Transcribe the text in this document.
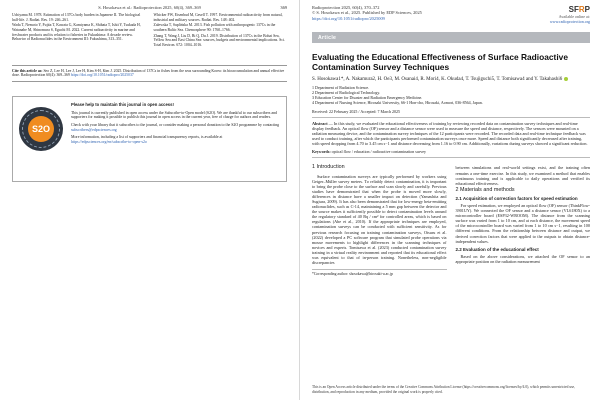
S. Hosokawa et al.: Radioprotection 2025, 60(4), 369–369	369

Uchiyama M. 1978. Estimation of 137Cs body burden in Japanese II. The biological half-life. J. Radiat. Res. 19: 246–261.

Wada T, Nemoto Y, Fujita T, Kawata G, Kamiyama K, Shibata T, Ishii Y, Tsukada H, Watanabe M, Shinomura S, Eguchi M. 2022. Current radioactivity in marine and freshwater products and its relation to fisheries in Fukushima: A decade review. Behavior of Radionuclides in the Environment III: Fukushima, 313–351.

Whicker FW, Eisenbud M, Gesell T. 1997. Environmental radioactivity from natural, industrial and military sources. Radiat. Res. 148: 402.

Zalewska T, Suplińska M. 2013. Fish pollution with anthropogenic 137Cs in the southern Baltic Sea. Chemosphere 90: 1760–1766.

Zhang T, Wang J, Liu D, Bi Q, Du J. 2019. Distribution of 137Cs in the Bohai Sea, Yellow Sea and East China Sea: sources, budgets and environmental implications. Sci. Total Environ. 672: 1004–1016.

Cite this article as: Seo Z, Lee H, Lee J, Lee H, Kim S-H, Kim J. 2025. Distribution of 137Cs in fishes from the seas surrounding Korea: its bioaccumulation and annual effective dose. Radioprotection 60(4): 369–369 https://doi.org/10.1051/radiopro/2025037
S2O

Please help to maintain this journal in open access!

This journal is currently published in open access under the Subscribe-to-Open model (S2O). We are thankful to our subscribers and supporters for making it possible to publish this journal in open access in the current year, free of charge for authors and readers.

Check with your library that it subscribes to the journal, or consider making a personal donation to the S2O programme by contacting subscribers@edpsciences.org

More information, including a list of supporters and financial transparency reports, is available at https://edpsciences.org/en/subscribe-to-open-s2o

Radioprotection 2025, 60(4), 370–372
© S. Hosokawa et al., 2025. Published by EDP Sciences, 2025
https://doi.org/10.1051/radiopro/2025009
SFRP
Available online at:
www.radioprotection.org
Article
Evaluating the Educational Effectiveness of Surface Radioactive Contamination Survey Techniques
S. Hosokawa1*, A. Nakamura2, H. Oe3, M. Osanai4, R. Mori4, K. Okuda4, T. Tsujiguchi5, T. Tomisawa4 and Y. Takahashi6

1 Department of Radiation Science.

2 Department of Radiological Technology.

3 Education Center for Disaster and Radiation Emergency Medicine.

4 Department of Nursing Science, Hirosaki University, 66-1 Hon-cho, Hirosaki, Aomori, 036-8564, Japan.

Received: 22 February 2025 / Accepted: 7 March 2025

Abstract — In this study, we evaluated the educational effectiveness of training by reviewing recorded data on contamination survey techniques and real-time display feedback. An optical flow (OF) sensor and a distance sensor were used to measure the speed and distance, respectively. The sensors were mounted on a radiation measuring device, and the contamination survey techniques of the 12 participants were recorded. The recorded data and real-time technique feedback was used to conduct training, after which the participants performed contamination surveys once more. Speed and distance both significantly decreased after training, with speed dropping from 4.70 to 3.45 cm s−1 and distance decreasing from 1.16 to 0.90 cm. Additionally, variations during surveys showed a significant reduction.

Keywords: optical flow / education / radioactive contamination survey

1 Introduction

Surface contamination surveys are typically performed by workers using Geiger–Müller survey meters. To reliably detect contamination, it is important to bring the probe close to the surface and scan slowly and carefully. Previous studies have demonstrated that when the probe is moved more slowly, differences in distance have a smaller impact on detection (Yamashita and Sugiura, 2009). It has also been demonstrated that for low-energy beta-emitting radionuclides, such as C-14, maintaining a 5 mm gap between the detector and the source makes it sufficiently possible to detect contamination levels around the regulatory standard of 40 Bq / cm² for controlled areas, which is based on regulations (Abe et al., 2010). If the appropriate techniques are employed, contamination surveys can be conducted with sufficient sensitivity. As for previous research focusing on training contamination surveys, Otsuru et al. (2022) developed a PC software program that simulated probe operations via mouse movements to highlight differences in the scanning techniques of novices and experts. Tomisawa et al. (2023) conducted contamination survey training in a virtual reality environment and reported that its educational effect was equivalent to that of in-person training. Nonetheless, non-negligible discrepancies

*Corresponding author: shosokawa@hirosaki-u.ac.jp

between simulations and real-world settings exist, and the training often remains a one-time exercise. In this study, we examined a method that enables continuous training and is applicable to daily operations and verified its educational effectiveness.

2 Materials and methods
2.1 Acquisition of correction factors for speed estimation

For speed estimation, we employed an optical flow (OF) sensor (ThinkFlow-3901UY). We connected the OF sensor and a distance sensor (VL6180X) to a microcontroller board (ESP32-WROOM). The distance from the scanning surface was varied from 1 to 10 cm, and at each distance, the movement speed of the microcontroller board was varied from 1 to 10 cm s−1, resulting in 100 different conditions. From the relationship between distance and output, we derived correction factors that were applied to the outputs to obtain distance-independent values.

2.2 Evaluation of the educational effect

Based on the above considerations, we attached the OF sensor to an appropriate position on the radiation measurement

This is an Open Access article distributed under the terms of the Creative Commons Attribution License (https://creativecommons.org/licenses/by/4.0), which permits unrestricted use, distribution, and reproduction in any medium, provided the original work is properly cited.
